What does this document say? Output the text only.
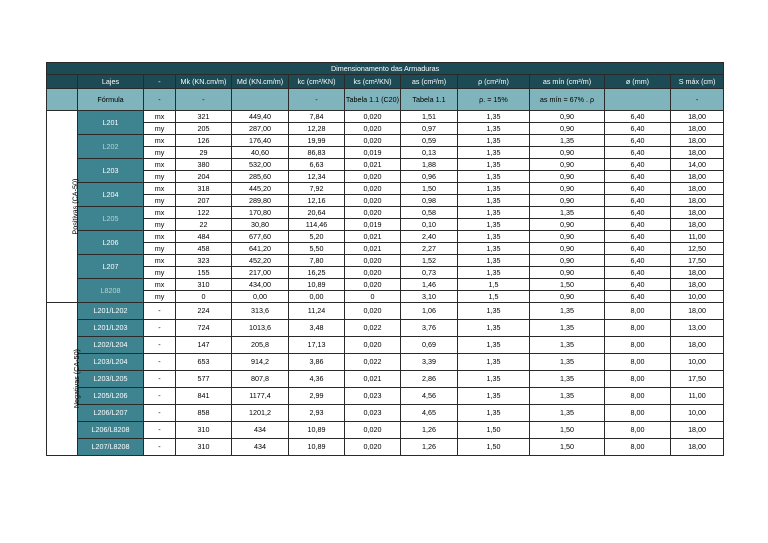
Dimensionamento das Armaduras											
	Lajes	-	Mk (KN.cm/m)	Md (KN.cm/m)	kc (cm²/KN)	ks (cm²/KN)	as (cm²/m)	ρ (cm²/m)	as mín (cm²/m)	ø (mm)	S máx (cm)
	Fórmula	-	-		-	Tabela 1.1 (C20)	Tabela 1.1	ρ. = 15%	as mín = 67% . ρ		-
Positivas (CA-50)	L201	mx	321	449,40	7,84	0,020	1,51	1,35	0,90	6,40	18,00
		my	205	287,00	12,28	0,020	0,97	1,35	0,90	6,40	18,00
	L202	mx	126	176,40	19,99	0,020	0,59	1,35	1,35	6,40	18,00
		my	29	40,60	86,83	0,019	0,13	1,35	0,90	6,40	18,00
	L203	mx	380	532,00	6,63	0,021	1,88	1,35	0,90	6,40	14,00
		my	204	285,60	12,34	0,020	0,96	1,35	0,90	6,40	18,00
	L204	mx	318	445,20	7,92	0,020	1,50	1,35	0,90	6,40	18,00
		my	207	289,80	12,16	0,020	0,98	1,35	0,90	6,40	18,00
	L205	mx	122	170,80	20,64	0,020	0,58	1,35	1,35	6,40	18,00
		my	22	30,80	114,46	0,019	0,10	1,35	0,90	6,40	18,00
	L206	mx	484	677,60	5,20	0,021	2,40	1,35	0,90	6,40	11,00
		my	458	641,20	5,50	0,021	2,27	1,35	0,90	6,40	12,50
	L207	mx	323	452,20	7,80	0,020	1,52	1,35	0,90	6,40	17,50
		my	155	217,00	16,25	0,020	0,73	1,35	0,90	6,40	18,00
	L8208	mx	310	434,00	10,89	0,020	1,46	1,5	1,50	6,40	18,00
		my	0	0,00	0,00	0	3,10	1,5	0,90	6,40	10,00
Negativas (CA-50)	L201/L202	-	224	313,6	11,24	0,020	1,06	1,35	1,35	8,00	18,00
	L201/L203	-	724	1013,6	3,48	0,022	3,76	1,35	1,35	8,00	13,00
	L202/L204	-	147	205,8	17,13	0,020	0,69	1,35	1,35	8,00	18,00
	L203/L204	-	653	914,2	3,86	0,022	3,39	1,35	1,35	8,00	10,00
	L203/L205	-	577	807,8	4,36	0,021	2,86	1,35	1,35	8,00	17,50
	L205/L206	-	841	1177,4	2,99	0,023	4,56	1,35	1,35	8,00	11,00
	L206/L207	-	858	1201,2	2,93	0,023	4,65	1,35	1,35	8,00	10,00
	L206/L8208	-	310	434	10,89	0,020	1,26	1,50	1,50	8,00	18,00
	L207/L8208	-	310	434	10,89	0,020	1,26	1,50	1,50	8,00	18,00
